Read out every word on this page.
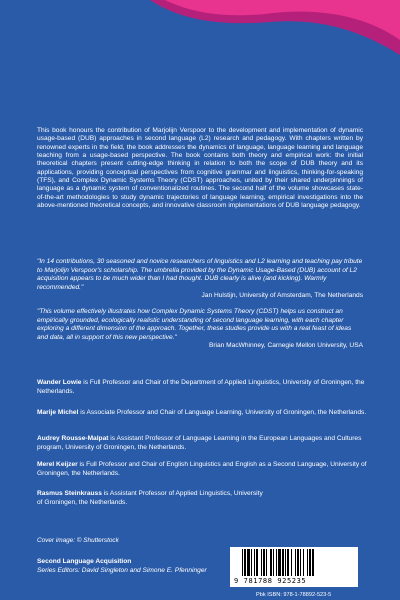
This book honours the contribution of Marjolijn Verspoor to the development and implementation of dynamic usage-based (DUB) approaches in second language (L2) research and pedagogy. With chapters written by renowned experts in the field, the book addresses the dynamics of language, language learning and language teaching from a usage-based perspective. The book contains both theory and empirical work: the initial theoretical chapters present cutting-edge thinking in relation to both the scope of DUB theory and its applications, providing conceptual perspectives from cognitive grammar and linguistics, thinking-for-speaking (TFS), and Complex Dynamic Systems Theory (CDST) approaches, united by their shared underpinnings of language as a dynamic system of conventionalized routines. The second half of the volume showcases state-of-the-art methodologies to study dynamic trajectories of language learning, empirical investigations into the above-mentioned theoretical concepts, and innovative classroom implementations of DUB language pedagogy.
"In 14 contributions, 30 seasoned and novice researchers of linguistics and L2 learning and teaching pay tribute to Marjolijn Verspoor's scholarship. The umbrella provided by the Dynamic Usage-Based (DUB) account of L2 acquisition appears to be much wider than I had thought. DUB clearly is alive (and kicking). Warmly recommended."
Jan Hulstijn, University of Amsterdam, The Netherlands
"This volume effectively illustrates how Complex Dynamic Systems Theory (CDST) helps us construct an empirically grounded, ecologically realistic understanding of second language learning, with each chapter exploring a different dimension of the approach. Together, these studies provide us with a real feast of ideas and data, all in support of this new perspective."
Brian MacWhinney, Carnegie Mellon University, USA
Wander Lowie is Full Professor and Chair of the Department of Applied Linguistics, University of Groningen, the Netherlands.
Marije Michel is Associate Professor and Chair of Language Learning, University of Groningen, the Netherlands.
Audrey Rousse-Malpat is Assistant Professor of Language Learning in the European Languages and Cultures program, University of Groningen, the Netherlands.
Merel Keijzer is Full Professor and Chair of English Linguistics and English as a Second Language, University of Groningen, the Netherlands.
Rasmus Steinkrauss is Assistant Professor of Applied Linguistics, University of Groningen, the Netherlands.
Cover image: © Shutterstock
Second Language Acquisition
Series Editors: David Singleton and Simone E. Pfenninger
9 781788 925235
Pbk ISBN: 978-1-78892-523-5
